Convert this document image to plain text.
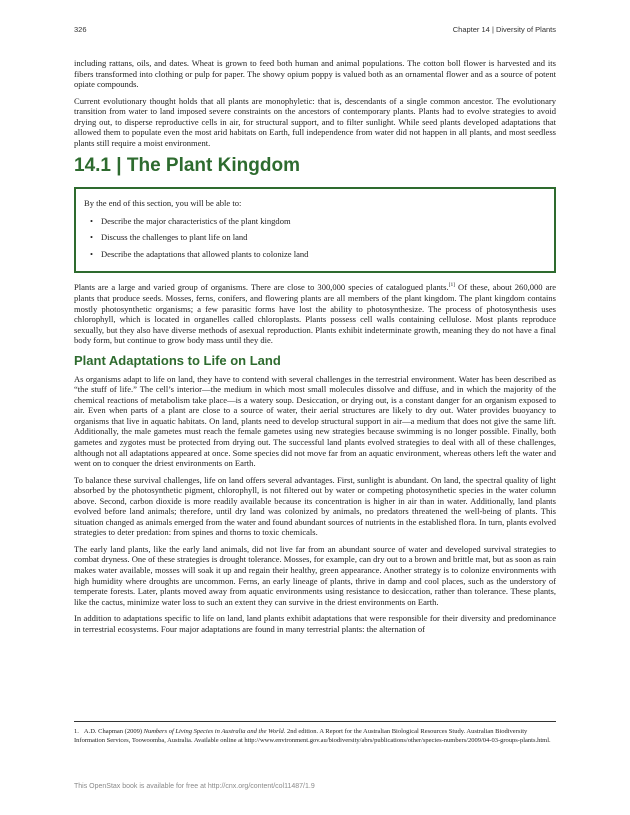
326	Chapter 14 | Diversity of Plants

including rattans, oils, and dates. Wheat is grown to feed both human and animal populations. The cotton boll flower is harvested and its fibers transformed into clothing or pulp for paper. The showy opium poppy is valued both as an ornamental flower and as a source of potent opiate compounds.

Current evolutionary thought holds that all plants are monophyletic: that is, descendants of a single common ancestor. The evolutionary transition from water to land imposed severe constraints on the ancestors of contemporary plants. Plants had to evolve strategies to avoid drying out, to disperse reproductive cells in air, for structural support, and to filter sunlight. While seed plants developed adaptations that allowed them to populate even the most arid habitats on Earth, full independence from water did not happen in all plants, and most seedless plants still require a moist environment.

14.1 | The Plant Kingdom

By the end of this section, you will be able to:

• Describe the major characteristics of the plant kingdom
• Discuss the challenges to plant life on land
• Describe the adaptations that allowed plants to colonize land

Plants are a large and varied group of organisms. There are close to 300,000 species of catalogued plants.[1] Of these, about 260,000 are plants that produce seeds. Mosses, ferns, conifers, and flowering plants are all members of the plant kingdom. The plant kingdom contains mostly photosynthetic organisms; a few parasitic forms have lost the ability to photosynthesize. The process of photosynthesis uses chlorophyll, which is located in organelles called chloroplasts. Plants possess cell walls containing cellulose. Most plants reproduce sexually, but they also have diverse methods of asexual reproduction. Plants exhibit indeterminate growth, meaning they do not have a final body form, but continue to grow body mass until they die.

Plant Adaptations to Life on Land

As organisms adapt to life on land, they have to contend with several challenges in the terrestrial environment. Water has been described as “the stuff of life.” The cell’s interior—the medium in which most small molecules dissolve and diffuse, and in which the majority of the chemical reactions of metabolism take place—is a watery soup. Desiccation, or drying out, is a constant danger for an organism exposed to air. Even when parts of a plant are close to a source of water, their aerial structures are likely to dry out. Water provides buoyancy to organisms that live in aquatic habitats. On land, plants need to develop structural support in air—a medium that does not give the same lift. Additionally, the male gametes must reach the female gametes using new strategies because swimming is no longer possible. Finally, both gametes and zygotes must be protected from drying out. The successful land plants evolved strategies to deal with all of these challenges, although not all adaptations appeared at once. Some species did not move far from an aquatic environment, whereas others left the water and went on to conquer the driest environments on Earth.

To balance these survival challenges, life on land offers several advantages. First, sunlight is abundant. On land, the spectral quality of light absorbed by the photosynthetic pigment, chlorophyll, is not filtered out by water or competing photosynthetic species in the water column above. Second, carbon dioxide is more readily available because its concentration is higher in air than in water. Additionally, land plants evolved before land animals; therefore, until dry land was colonized by animals, no predators threatened the well-being of plants. This situation changed as animals emerged from the water and found abundant sources of nutrients in the established flora. In turn, plants evolved strategies to deter predation: from spines and thorns to toxic chemicals.

The early land plants, like the early land animals, did not live far from an abundant source of water and developed survival strategies to combat dryness. One of these strategies is drought tolerance. Mosses, for example, can dry out to a brown and brittle mat, but as soon as rain makes water available, mosses will soak it up and regain their healthy, green appearance. Another strategy is to colonize environments with high humidity where droughts are uncommon. Ferns, an early lineage of plants, thrive in damp and cool places, such as the understory of temperate forests. Later, plants moved away from aquatic environments using resistance to desiccation, rather than tolerance. These plants, like the cactus, minimize water loss to such an extent they can survive in the driest environments on Earth.

In addition to adaptations specific to life on land, land plants exhibit adaptations that were responsible for their diversity and predominance in terrestrial ecosystems. Four major adaptations are found in many terrestrial plants: the alternation of

1. A.D. Chapman (2009) Numbers of Living Species in Australia and the World. 2nd edition. A Report for the Australian Biological Resources Study. Australian Biodiversity Information Services, Toowoomba, Australia. Available online at http://www.environment.gov.au/biodiversity/abrs/publications/other/species-numbers/2009/04-03-groups-plants.html.
This OpenStax book is available for free at http://cnx.org/content/col11487/1.9
